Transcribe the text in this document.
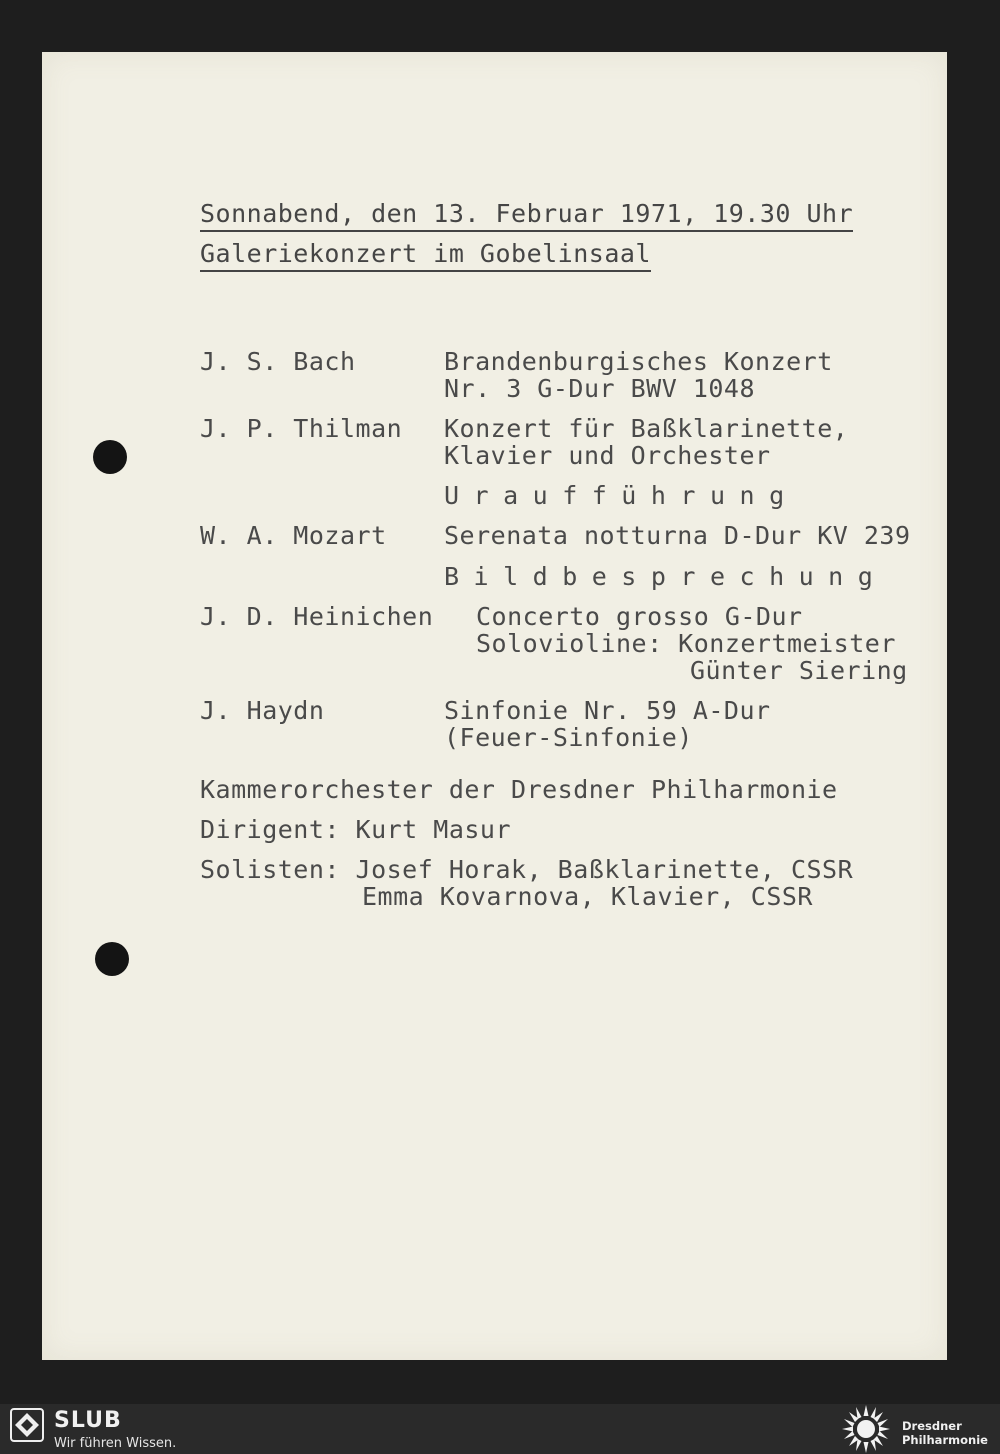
Sonnabend, den 13. Februar 1971, 19.30 Uhr
Galeriekonzert im Gobelinsaal
J. S. Bach	Brandenburgisches Konzert
Nr. 3 G-Dur BWV 1048
J. P. Thilman Konzert für Baßklarinette,
Klavier und Orchester
Uraufführung
W. A. Mozart Serenata notturna D-Dur KV 239
Bildbesprechung
J. D. Heinichen Concerto grosso G-Dur
Solovioline: Konzertmeister
Günter Siering
J. Haydn	Sinfonie Nr. 59 A-Dur
(Feuer-Sinfonie)
Kammerorchester der Dresdner Philharmonie
Dirigent: Kurt Masur
Solisten: Josef Horak, Baßklarinette, CSSR
Emma Kovarnova, Klavier, CSSR
SLUB
Wir führen Wissen.
Dresdner
Philharmonie
